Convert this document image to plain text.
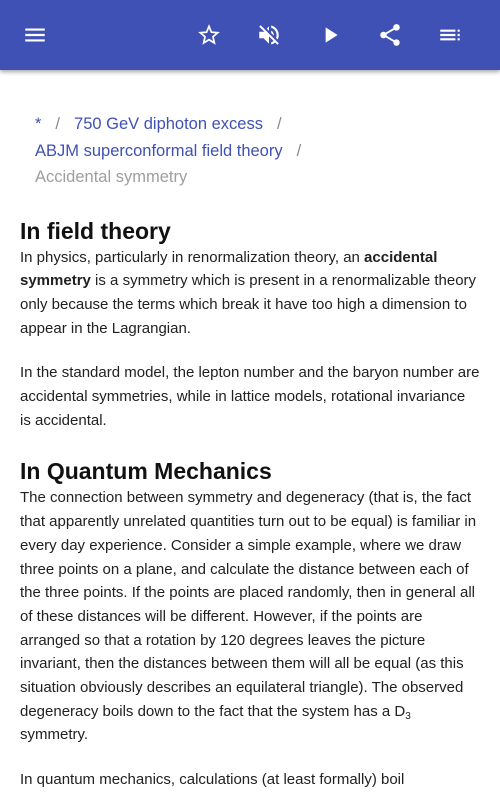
* / 750 GeV diphoton excess /
ABJM superconformal field theory /
Accidental symmetry
In field theory

In physics, particularly in renormalization theory, an accidental symmetry is a symmetry which is present in a renormalizable theory only because the terms which break it have too high a dimension to appear in the Lagrangian.

In the standard model, the lepton number and the baryon number are accidental symmetries, while in lattice models, rotational invariance is accidental.

In Quantum Mechanics

The connection between symmetry and degeneracy (that is, the fact that apparently unrelated quantities turn out to be equal) is familiar in every day experience. Consider a simple example, where we draw three points on a plane, and calculate the distance between each of the three points. If the points are placed randomly, then in general all of these distances will be different. However, if the points are arranged so that a rotation by 120 degrees leaves the picture invariant, then the distances between them will all be equal (as this situation obviously describes an equilateral triangle). The observed degeneracy boils down to the fact that the system has a $D_3$ symmetry.

In quantum mechanics, calculations (at least formally) boil
